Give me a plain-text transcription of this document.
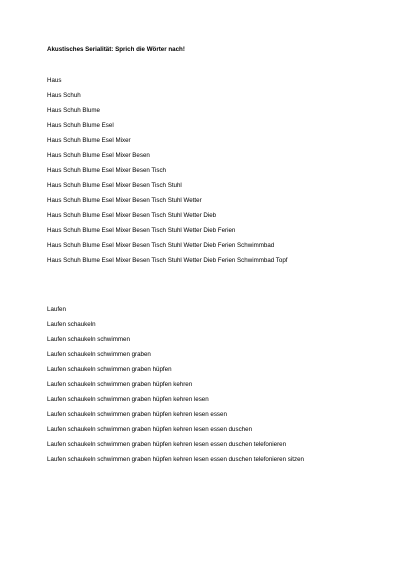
Akustisches Serialität: Sprich die Wörter nach!
Haus
Haus Schuh
Haus Schuh Blume
Haus Schuh Blume Esel
Haus Schuh Blume Esel Mixer
Haus Schuh Blume Esel Mixer Besen
Haus Schuh Blume Esel Mixer Besen Tisch
Haus Schuh Blume Esel Mixer Besen Tisch Stuhl
Haus Schuh Blume Esel Mixer Besen Tisch Stuhl Wetter
Haus Schuh Blume Esel Mixer Besen Tisch Stuhl Wetter Dieb
Haus Schuh Blume Esel Mixer Besen Tisch Stuhl Wetter Dieb Ferien
Haus Schuh Blume Esel Mixer Besen Tisch Stuhl Wetter Dieb Ferien Schwimmbad
Haus Schuh Blume Esel Mixer Besen Tisch Stuhl Wetter Dieb Ferien Schwimmbad Topf
Laufen
Laufen schaukeln
Laufen schaukeln schwimmen
Laufen schaukeln schwimmen graben
Laufen schaukeln schwimmen graben hüpfen
Laufen schaukeln schwimmen graben hüpfen kehren
Laufen schaukeln schwimmen graben hüpfen kehren lesen
Laufen schaukeln schwimmen graben hüpfen kehren lesen essen
Laufen schaukeln schwimmen graben hüpfen kehren lesen essen duschen
Laufen schaukeln schwimmen graben hüpfen kehren lesen essen duschen telefonieren
Laufen schaukeln schwimmen graben hüpfen kehren lesen essen duschen telefonieren sitzen
